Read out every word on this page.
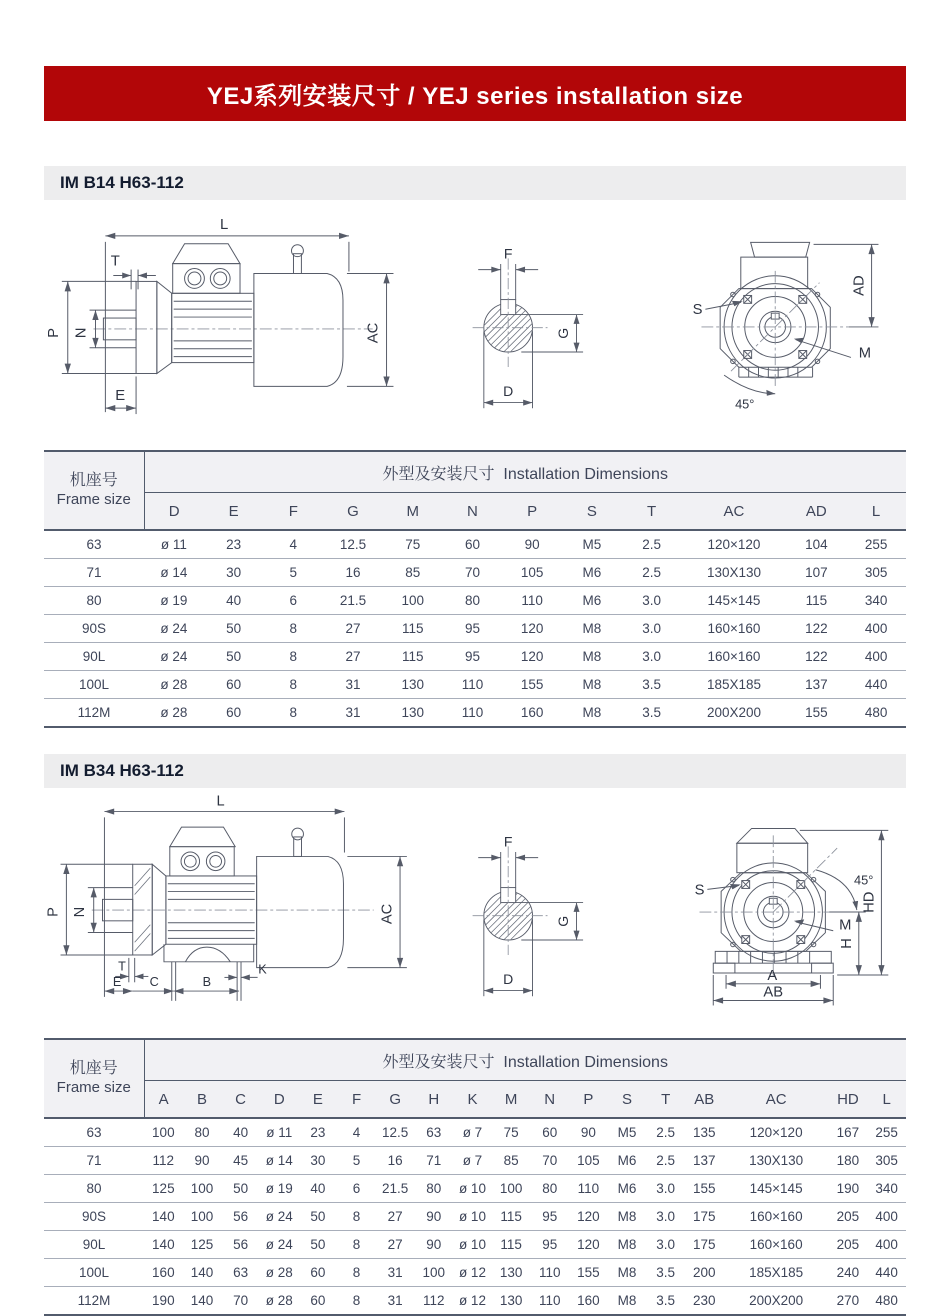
YEJ系列安装尺寸 / YEJ series installation size
IM B14 H63-112
L
T
P N
E
AC
F
G
D
S
M
AD
45°
机座号
Frame size	外型及安装尺寸  Installation Dimensions											
	D	E	F	G	M	N	P	S	T	AC	AD	L
63	ø 11	23	4	12.5	75	60	90	M5	2.5	120×120	104	255
71	ø 14	30	5	16	85	70	105	M6	2.5	130X130	107	305
80	ø 19	40	6	21.5	100	80	110	M6	3.0	145×145	115	340
90S	ø 24	50	8	27	115	95	120	M8	3.0	160×160	122	400
90L	ø 24	50	8	27	115	95	120	M8	3.0	160×160	122	400
100L	ø 28	60	8	31	130	110	155	M8	3.5	185X185	137	440
112M	ø 28	60	8	31	130	110	160	M8	3.5	200X200	155	480
IM B34 H63-112
L
P N	AC
T
E C	B
K
F
G
D
S
M
45°
HD
H
A
AB
机座号
Frame size	外型及安装尺寸  Installation Dimensions																	
	A	B	C	D	E	F	G	H	K	M	N	P	S	T	AB	AC	HD	L
63	100	80	40	ø 11	23	4	12.5	63	ø 7	75	60	90	M5	2.5	135	120×120	167	255
71	112	90	45	ø 14	30	5	16	71	ø 7	85	70	105	M6	2.5	137	130X130	180	305
80	125	100	50	ø 19	40	6	21.5	80	ø 10	100	80	110	M6	3.0	155	145×145	190	340
90S	140	100	56	ø 24	50	8	27	90	ø 10	115	95	120	M8	3.0	175	160×160	205	400
90L	140	125	56	ø 24	50	8	27	90	ø 10	115	95	120	M8	3.0	175	160×160	205	400
100L	160	140	63	ø 28	60	8	31	100	ø 12	130	110	155	M8	3.5	200	185X185	240	440
112M	190	140	70	ø 28	60	8	31	112	ø 12	130	110	160	M8	3.5	230	200X200	270	480
